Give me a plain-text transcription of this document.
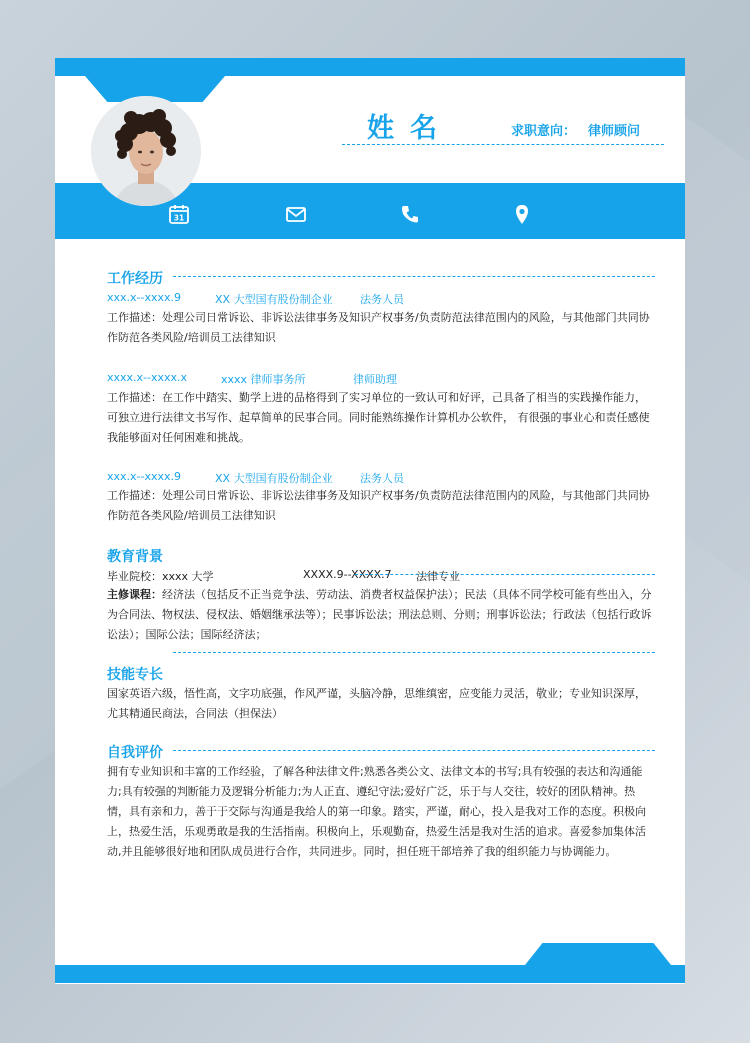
姓名	求职意向： 律师顾问
31
工作经历
xxx.x--xxxx.9	XX 大型国有股份制企业 法务人员
工作描述：处理公司日常诉讼、非诉讼法律事务及知识产权事务/负责防范法律范围内的风险，与其他部门共同协作防范各类风险/培训员工法律知识
xxxx.x--xxxx.x	xxxx 律师事务所	律师助理
工作描述：在工作中踏实、勤学上进的品格得到了实习单位的一致认可和好评，己具备了相当的实践操作能力，可独立进行法律文书写作、起草简单的民事合同。同时能熟练操作计算机办公软件， 有很强的事业心和责任感使我能够面对任何困难和挑战。
xxx.x--xxxx.9	XX 大型国有股份制企业 法务人员
工作描述：处理公司日常诉讼、非诉讼法律事务及知识产权事务/负责防范法律范围内的风险，与其他部门共同协作防范各类风险/培训员工法律知识
教育背景
毕业院校：xxxx 大学	XXXX.9--XXXX.7 法律专业
主修课程：经济法（包括反不正当竞争法、劳动法、消费者权益保护法）；民法（具体不同学校可能有些出入，分为合同法、物权法、侵权法、婚姻继承法等）；民事诉讼法；刑法总则、分则；刑事诉讼法；行政法（包括行政诉讼法）；国际公法；国际经济法；
技能专长
国家英语六级，悟性高，文字功底强，作风严谨，头脑冷静，思维缜密，应变能力灵活，敬业；专业知识深厚，尤其精通民商法，合同法（担保法）
自我评价
拥有专业知识和丰富的工作经验，了解各种法律文件;熟悉各类公文、法律文本的书写;具有较强的表达和沟通能力;具有较强的判断能力及逻辑分析能力;为人正直、遵纪守法;爱好广泛，乐于与人交往，较好的团队精神。热情，具有亲和力，善于于交际与沟通是我给人的第一印象。踏实，严谨，耐心，投入是我对工作的态度。积极向上，热爱生活，乐观勇敢是我的生活指南。积极向上，乐观勤奋，热爱生活是我对生活的追求。喜爱参加集体活动,并且能够很好地和团队成员进行合作，共同进步。同时，担任班干部培养了我的组织能力与协调能力。
